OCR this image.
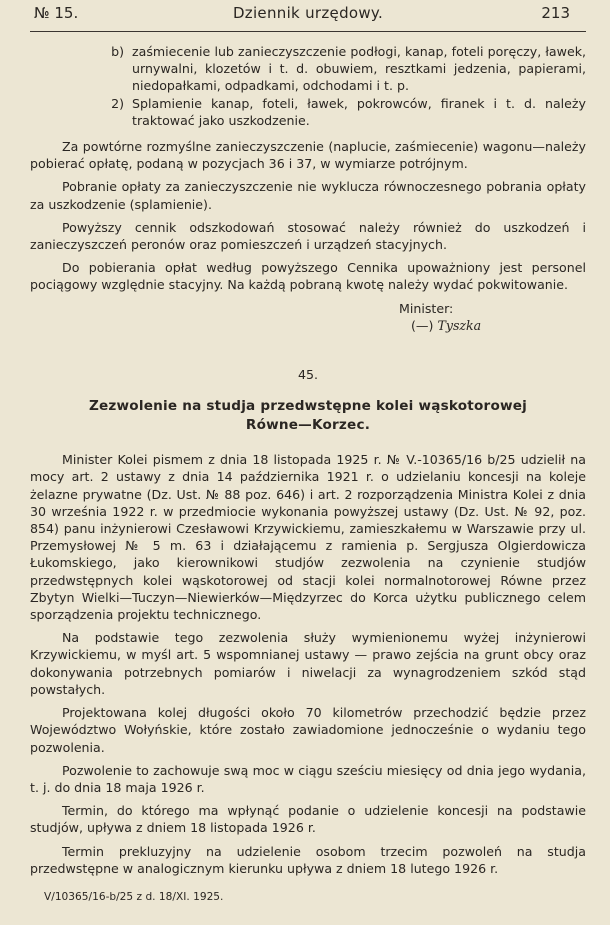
№ 15.	Dziennik urzędowy.	213
b) zaśmiecenie lub zanieczyszczenie podłogi, kanap, foteli poręczy, ławek, urnywalni, klozetów i t. d. obuwiem, resztkami jedzenia, papierami, niedopałkami, odpadkami, odchodami i t. p.
2) Splamienie kanap, foteli, ławek, pokrowców, firanek i t. d. należy traktować jako uszkodzenie.

Za powtórne rozmyślne zanieczyszczenie (naplucie, zaśmiecenie) wagonu—należy pobierać opłatę, podaną w pozycjach 36 i 37, w wymiarze potrójnym.

Pobranie opłaty za zanieczyszczenie nie wyklucza równoczesnego pobrania opłaty za uszkodzenie (splamienie).

Powyższy cennik odszkodowań stosować należy również do uszkodzeń i zanieczyszczeń peronów oraz pomieszczeń i urządzeń stacyjnych.

Do pobierania opłat według powyższego Cennika upoważniony jest personel pociągowy względnie stacyjny. Na każdą pobraną kwotę należy wydać pokwitowanie.

Minister:
(—) Tyszka
45.
Zezwolenie na studja przedwstępne kolei wąskotorowej
Równe—Korzec.

Minister Kolei pismem z dnia 18 listopada 1925 r. № V.-10365/16 b/25 udzielił na mocy art. 2 ustawy z dnia 14 października 1921 r. o udzielaniu koncesji na koleje żelazne prywatne (Dz. Ust. № 88 poz. 646) i art. 2 rozporządzenia Ministra Kolei z dnia 30 września 1922 r. w przedmiocie wykonania powyższej ustawy (Dz. Ust. № 92, poz. 854) panu inżynierowi Czesławowi Krzywickiemu, zamieszkałemu w Warszawie przy ul. Przemysłowej № 5 m. 63 i działającemu z ramienia p. Sergjusza Olgierdowicza Łukomskiego, jako kierownikowi studjów zezwolenia na czynienie studjów przedwstępnych kolei wąskotorowej od stacji kolei normalnotorowej Równe przez Zbytyn Wielki—Tuczyn—Niewierków—Międzyrzec do Korca użytku publicznego celem sporządzenia projektu technicznego.

Na podstawie tego zezwolenia służy wymienionemu wyżej inżynierowi Krzywickiemu, w myśl art. 5 wspomnianej ustawy — prawo zejścia na grunt obcy oraz dokonywania potrzebnych pomiarów i niwelacji za wynagrodzeniem szkód stąd powstałych.

Projektowana kolej długości około 70 kilometrów przechodzić będzie przez Województwo Wołyńskie, które zostało zawiadomione jednocześnie o wydaniu tego pozwolenia.

Pozwolenie to zachowuje swą moc w ciągu sześciu miesięcy od dnia jego wydania, t. j. do dnia 18 maja 1926 r.

Termin, do którego ma wpłynąć podanie o udzielenie koncesji na podstawie studjów, upływa z dniem 18 listopada 1926 r.

Termin prekluzyjny na udzielenie osobom trzecim pozwoleń na studja przedwstępne w analogicznym kierunku upływa z dniem 18 lutego 1926 r.

V/10365/16-b/25 z d. 18/XI. 1925.
